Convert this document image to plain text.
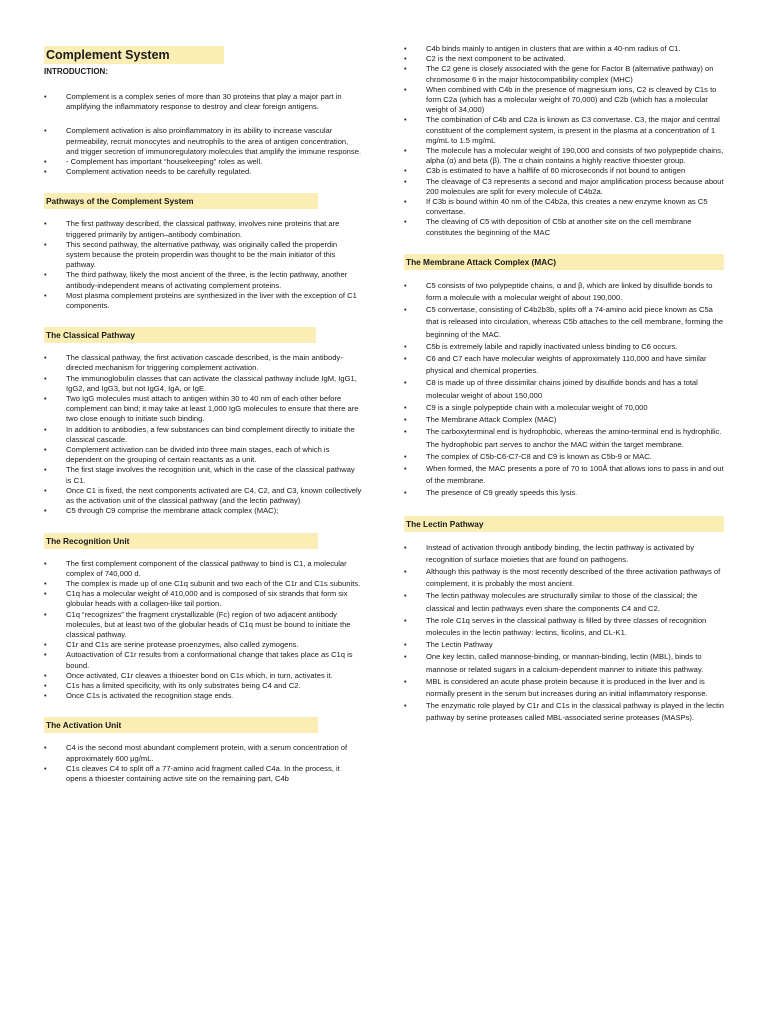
Complement System
INTRODUCTION:
• Complement is a complex series of more than 30 proteins that play a major part in amplifying the inflammatory response to destroy and clear foreign antigens.
• Complement activation is also proinflammatory in its ability to increase vascular permeability, recruit monocytes and neutrophils to the area of antigen concentration, and trigger secretion of immunoregulatory molecules that amplify the immune response.
• - Complement has important “housekeeping” roles as well.
• Complement activation needs to be carefully regulated.
Pathways of the Complement System
• The first pathway described, the classical pathway, involves nine proteins that are triggered primarily by antigen–antibody combination.
• This second pathway, the alternative pathway, was originally called the properdin system because the protein properdin was thought to be the main initiator of this pathway.
• The third pathway, likely the most ancient of the three, is the lectin pathway, another antibody-independent means of activating complement proteins.
• Most plasma complement proteins are synthesized in the liver with the exception of C1 components.
The Classical Pathway
• The classical pathway, the first activation cascade described, is the main antibody-directed mechanism for triggering complement activation.
• The immunoglobulin classes that can activate the classical pathway include IgM, IgG1, IgG2, and IgG3, but not IgG4, IgA, or IgE.
• Two IgG molecules must attach to antigen within 30 to 40 nm of each other before complement can bind; it may take at least 1,000 IgG molecules to ensure that there are two close enough to initiate such binding.
• In addition to antibodies, a few substances can bind complement directly to initiate the classical cascade.
• Complement activation can be divided into three main stages, each of which is dependent on the grouping of certain reactants as a unit.
• The first stage involves the recognition unit, which in the case of the classical pathway is C1.
• Once C1 is fixed, the next components activated are C4, C2, and C3, known collectively as the activation unit of the classical pathway (and the lectin pathway)
• C5 through C9 comprise the membrane attack complex (MAC);
The Recognition Unit
• The first complement component of the classical pathway to bind is C1, a molecular complex of 740,000 d.
• The complex is made up of one C1q subunit and two each of the C1r and C1s subunits.
• C1q has a molecular weight of 410,000 and is composed of six strands that form six globular heads with a collagen-like tail portion.
• C1q “recognizes” the fragment crystallizable (Fc) region of two adjacent antibody molecules, but at least two of the globular heads of C1q must be bound to initiate the classical pathway.
• C1r and C1s are serine protease proenzymes, also called zymogens.
• Autoactivation of C1r results from a conformational change that takes place as C1q is bound.
• Once activated, C1r cleaves a thioester bond on C1s which, in turn, activates it.
• C1s has a limited specificity, with its only substrates being C4 and C2.
• Once C1s is activated the recognition stage ends.
The Activation Unit
• C4 is the second most abundant complement protein, with a serum concentration of approximately 600 μg/mL.
• C1s cleaves C4 to split off a 77-amino acid fragment called C4a. In the process, it opens a thioester containing active site on the remaining part, C4b
• C4b binds mainly to antigen in clusters that are within a 40-nm radius of C1.
• C2 is the next component to be activated.
• The C2 gene is closely associated with the gene for Factor B (alternative pathway) on chromosome 6 in the major histocompatibility complex (MHC)
• When combined with C4b in the presence of magnesium ions, C2 is cleaved by C1s to form C2a (which has a molecular weight of 70,000) and C2b (which has a molecular weight of 34,000)
• The combination of C4b and C2a is known as C3 convertase. C3, the major and central constituent of the complement system, is present in the plasma at a concentration of 1 mg/mL to 1.5 mg/mL
• The molecule has a molecular weight of 190,000 and consists of two polypeptide chains, alpha (α) and beta (β). The α chain contains a highly reactive thioester group.
• C3b is estimated to have a halflife of 60 microseconds if not bound to antigen
• The cleavage of C3 represents a second and major amplification process because about 200 molecules are split for every molecule of C4b2a.
• If C3b is bound within 40 nm of the C4b2a, this creates a new enzyme known as C5 convertase.
• The cleaving of C5 with deposition of C5b at another site on the cell membrane constitutes the beginning of the MAC
The Membrane Attack Complex (MAC)
• C5 consists of two polypeptide chains, α and β, which are linked by disulfide bonds to form a molecule with a molecular weight of about 190,000.
• C5 convertase, consisting of C4b2b3b, splits off a 74-amino acid piece known as C5a that is released into circulation, whereas C5b attaches to the cell membrane, forming the beginning of the MAC.
• C5b is extremely labile and rapidly inactivated unless binding to C6 occurs.
• C6 and C7 each have molecular weights of approximately 110,000 and have similar physical and chemical properties.
• C8 is made up of three dissimilar chains joined by disulfide bonds and has a total molecular weight of about 150,000
• C9 is a single polypeptide chain with a molecular weight of 70,000
• The Membrane Attack Complex (MAC)
• The carboxyterminal end is hydrophobic, whereas the amino-terminal end is hydrophilic. The hydrophobic part serves to anchor the MAC within the target membrane.
• The complex of C5b-C6-C7-C8 and C9 is known as C5b-9 or MAC.
• When formed, the MAC presents a pore of 70 to 100Å that allows ions to pass in and out of the membrane.
• The presence of C9 greatly speeds this lysis.
The Lectin Pathway
• Instead of activation through antibody binding, the lectin pathway is activated by recognition of surface moieties that are found on pathogens.
• Although this pathway is the most recently described of the three activation pathways of complement, it is probably the most ancient.
• The lectin pathway molecules are structurally similar to those of the classical; the classical and lectin pathways even share the components C4 and C2.
• The role C1q serves in the classical pathway is filled by three classes of recognition molecules in the lectin pathway: lectins, ficolins, and CL-K1.
• The Lectin Pathway
• One key lectin, called mannose-binding, or mannan-binding, lectin (MBL), binds to mannose or related sugars in a calcium-dependent manner to initiate this pathway.
• MBL is considered an acute phase protein because it is produced in the liver and is normally present in the serum but increases during an initial inflammatory response.
• The enzymatic role played by C1r and C1s in the classical pathway is played in the lectin pathway by serine proteases called MBL-associated serine proteases (MASPs).
